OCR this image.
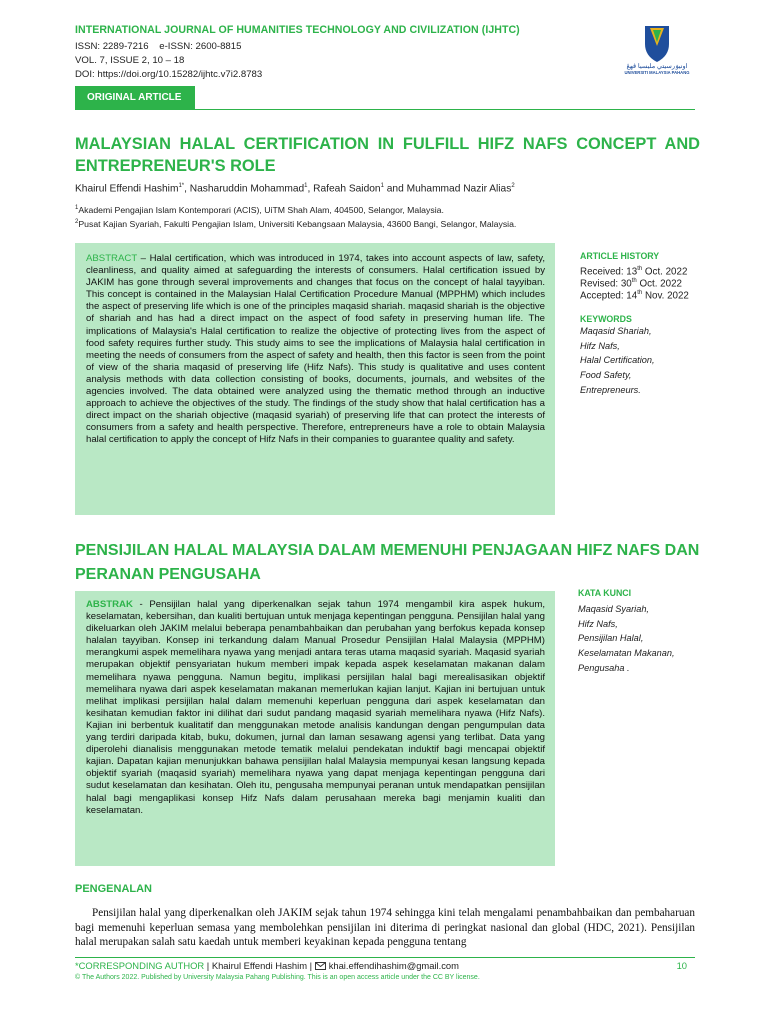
INTERNATIONAL JOURNAL OF HUMANITIES TECHNOLOGY AND CIVILIZATION (IJHTC)
ISSN: 2289-7216 e-ISSN: 2600-8815
VOL. 7, ISSUE 2, 10 – 18
DOI: https://doi.org/10.15282/ijhtc.v7i2.8783
اونيۏرسيتي مليسيا ڤهڠ
UNIVERSITI MALAYSIA PAHANG
ORIGINAL ARTICLE
MALAYSIAN HALAL CERTIFICATION IN FULFILL HIFZ NAFS CONCEPT AND ENTREPRENEUR'S ROLE
Khairul Effendi Hashim$^{1*}$, Nasharuddin Mohammad$^1$, Rafeah Saidon$^1$ and Muhammad Nazir Alias$^2$
$^1$Akademi Pengajian Islam Kontemporari (ACIS), UiTM Shah Alam, 404500, Selangor, Malaysia.
$^2$Pusat Kajian Syariah, Fakulti Pengajian Islam, Universiti Kebangsaan Malaysia, 43600 Bangi, Selangor, Malaysia.
ABSTRACT – Halal certification, which was introduced in 1974, takes into account aspects of law, safety, cleanliness, and quality aimed at safeguarding the interests of consumers. Halal certification issued by JAKIM has gone through several improvements and changes that focus on the concept of halal tayyiban. This concept is contained in the Malaysian Halal Certification Procedure Manual (MPPHM) which includes the aspect of preserving life which is one of the principles maqasid shariah. maqasid shariah is the objective of shariah and has had a direct impact on the aspect of food safety in preserving human life. The implications of Malaysia's Halal certification to realize the objective of protecting lives from the aspect of food safety requires further study. This study aims to see the implications of Malaysia halal certification in meeting the needs of consumers from the aspect of safety and health, then this factor is seen from the point of view of the sharia maqasid of preserving life (Hifz Nafs). This study is qualitative and uses content analysis methods with data collection consisting of books, documents, journals, and websites of the agencies involved. The data obtained were analyzed using the thematic method through an inductive approach to achieve the objectives of the study. The findings of the study show that halal certification has a direct impact on the shariah objective (maqasid syariah) of preserving life that can protect the interests of consumers from a safety and health perspective. Therefore, entrepreneurs have a role to obtain Malaysia halal certification to apply the concept of Hifz Nafs in their companies to guarantee quality and safety.
ARTICLE HISTORY
Received: 13th Oct. 2022
Revised: 30th Oct. 2022
Accepted: 14th Nov. 2022
KEYWORDS
Maqasid Shariah,
Hifz Nafs,
Halal Certification,
Food Safety,
Entrepreneurs.
PENSIJILAN HALAL MALAYSIA DALAM MEMENUHI PENJAGAAN HIFZ NAFS DAN PERANAN PENGUSAHA
ABSTRAK - Pensijilan halal yang diperkenalkan sejak tahun 1974 mengambil kira aspek hukum, keselamatan, kebersihan, dan kualiti bertujuan untuk menjaga kepentingan pengguna. Pensijilan halal yang dikeluarkan oleh JAKIM melalui beberapa penambahbaikan dan perubahan yang berfokus kepada konsep halalan tayyiban. Konsep ini terkandung dalam Manual Prosedur Pensijilan Halal Malaysia (MPPHM) merangkumi aspek memelihara nyawa yang menjadi antara teras utama maqasid syariah. Maqasid syariah merupakan objektif pensyariatan hukum memberi impak kepada aspek keselamatan makanan dalam memelihara nyawa pengguna. Namun begitu, implikasi persijilan halal bagi merealisasikan objektif memelihara nyawa dari aspek keselamatan makanan memerlukan kajian lanjut. Kajian ini bertujuan untuk melihat implikasi persijilan halal dalam memenuhi keperluan pengguna dari aspek keselamatan dan kesihatan kemudian faktor ini dilihat dari sudut pandang maqasid syariah memelihara nyawa (Hifz Nafs). Kajian ini berbentuk kualitatif dan menggunakan metode analisis kandungan dengan pengumpulan data yang terdiri daripada kitab, buku, dokumen, jurnal dan laman sesawang agensi yang terlibat. Data yang diperolehi dianalisis menggunakan metode tematik melalui pendekatan induktif bagi mencapai objektif kajian. Dapatan kajian menunjukkan bahawa pensijilan halal Malaysia mempunyai kesan langsung kepada objektif syariah (maqasid syariah) memelihara nyawa yang dapat menjaga kepentingan pengguna dari sudut keselamatan dan kesihatan. Oleh itu, pengusaha mempunyai peranan untuk mendapatkan pensijilan halal bagi mengaplikasi konsep Hifz Nafs dalam perusahaan mereka bagi menjamin kualiti dan keselamatan.
KATA KUNCI
Maqasid Syariah,
Hifz Nafs,
Pensijilan Halal,
Keselamatan Makanan,
Pengusaha .
PENGENALAN
Pensijilan halal yang diperkenalkan oleh JAKIM sejak tahun 1974 sehingga kini telah mengalami penambahbaikan dan pembaharuan bagi memenuhi keperluan semasa yang membolehkan pensijilan ini diterima di peringkat nasional dan global (HDC, 2021). Pensijilan halal merupakan salah satu kaedah untuk memberi keyakinan kepada pengguna tentang
*CORRESPONDING AUTHOR | Khairul Effendi Hashim | khai.effendihashim@gmail.com	10
© The Authors 2022. Published by University Malaysia Pahang Publishing. This is an open access article under the CC BY license.
